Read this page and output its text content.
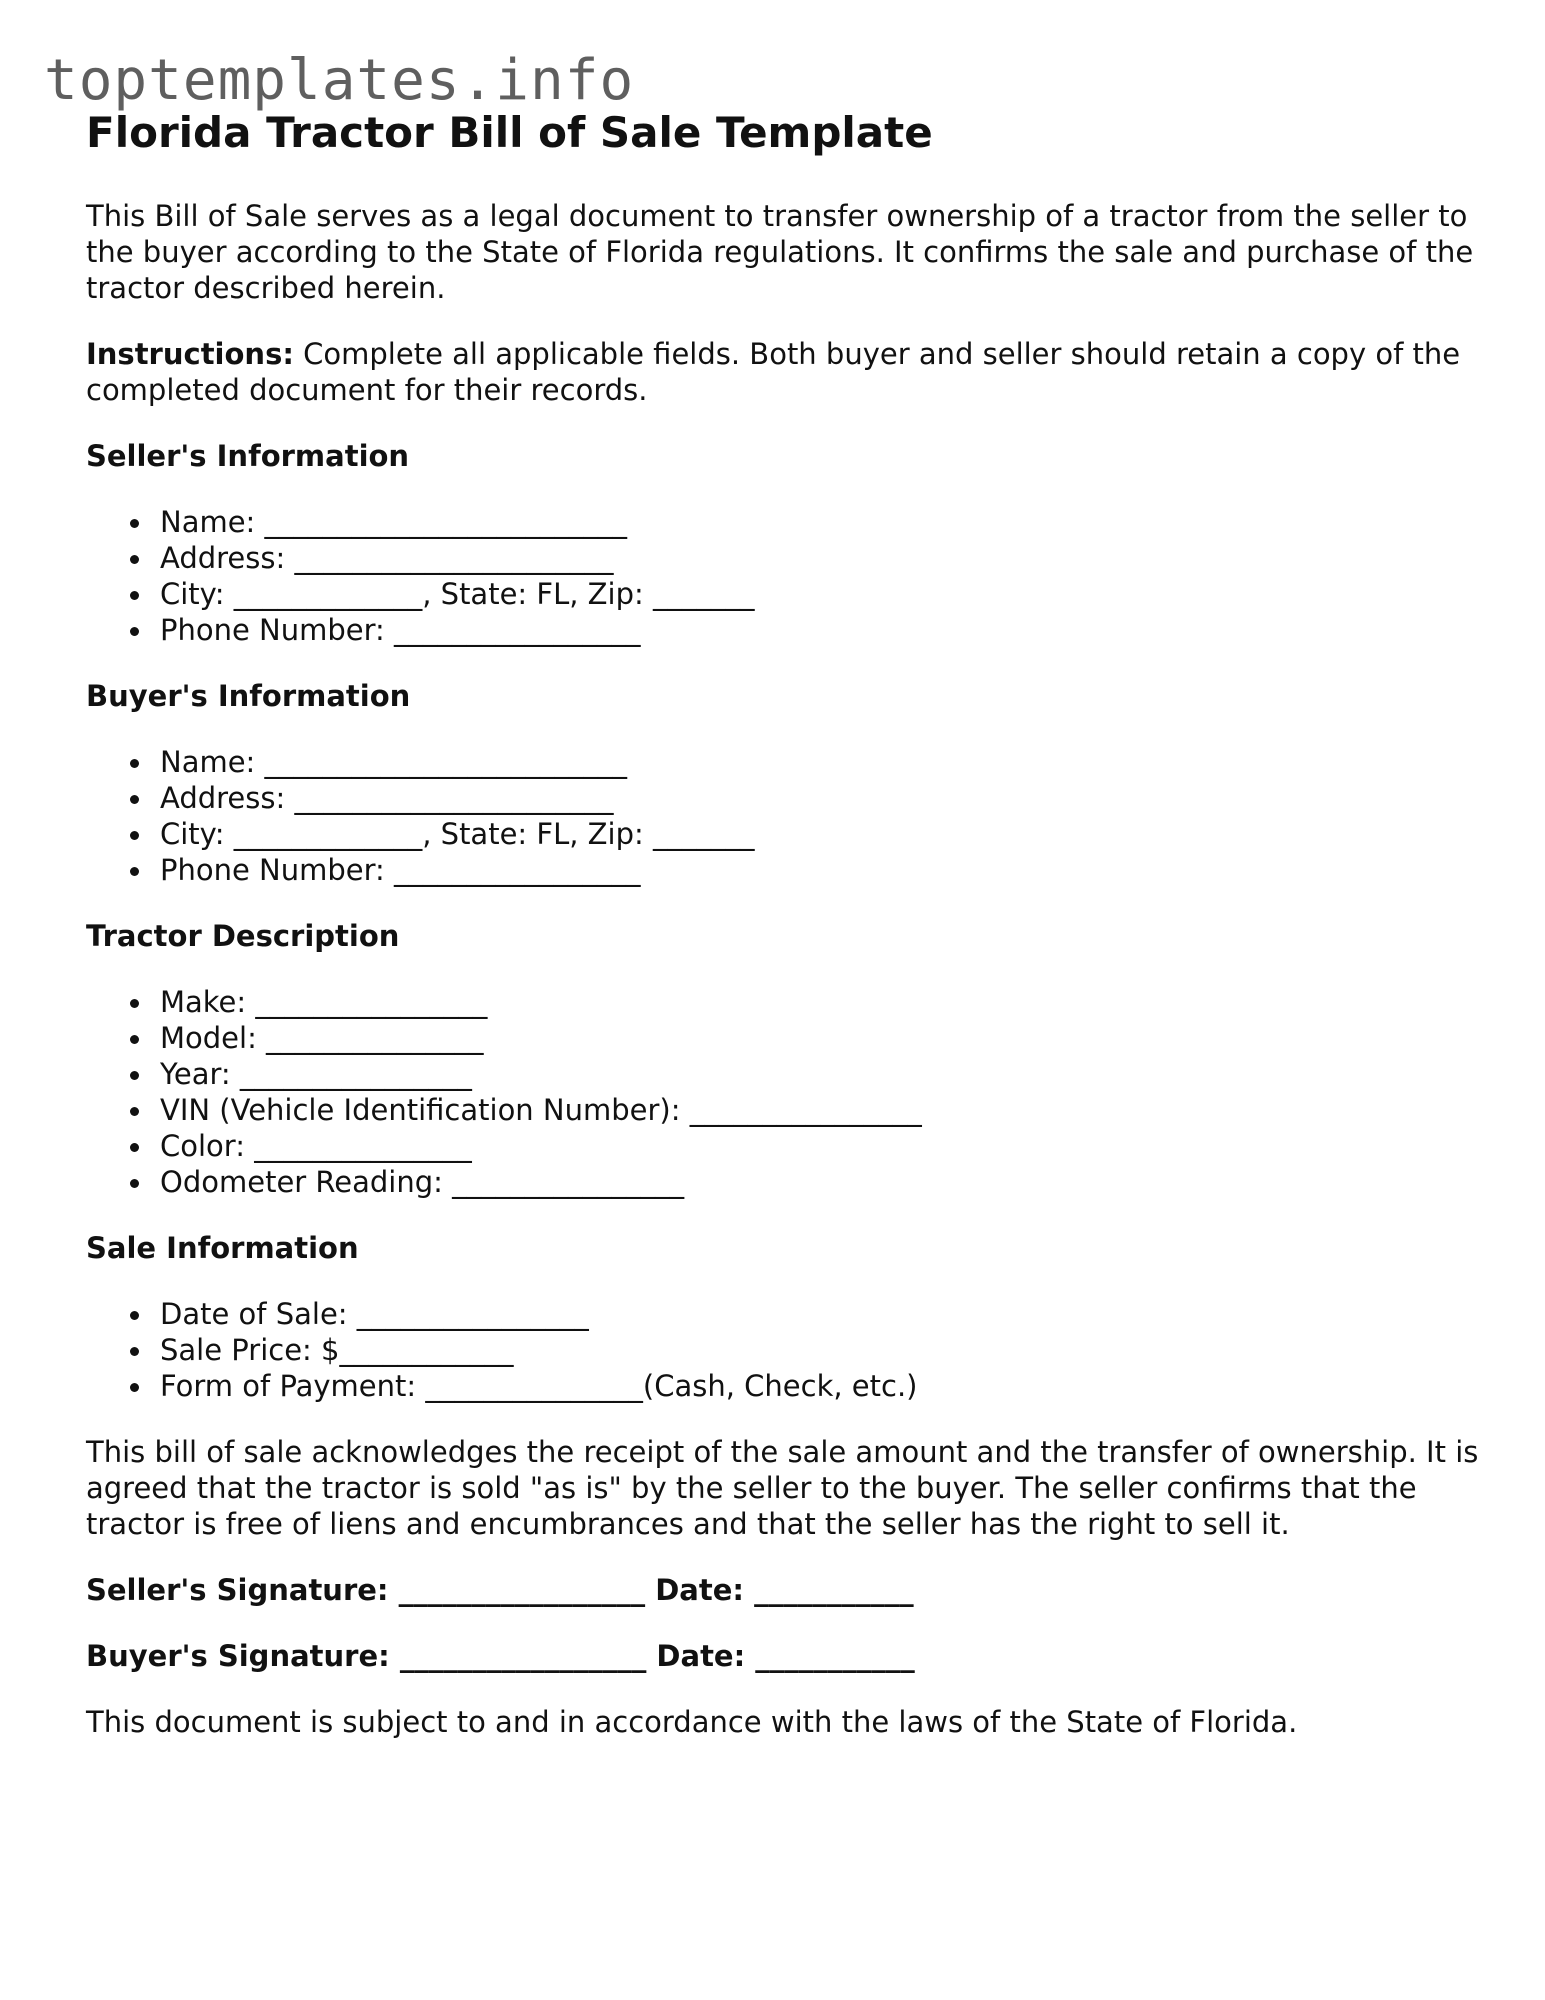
toptemplates.info
Florida Tractor Bill of Sale Template

This Bill of Sale serves as a legal document to transfer ownership of a tractor from the seller to the buyer according to the State of Florida regulations. It confirms the sale and purchase of the tractor described herein.

Instructions: Complete all applicable fields. Both buyer and seller should retain a copy of the completed document for their records.

Seller's Information
Name: _________________________
Address: ______________________
City: _____________, State: FL, Zip: _______
Phone Number: _________________
Buyer's Information
Name: _________________________
Address: ______________________
City: _____________, State: FL, Zip: _______
Phone Number: _________________
Tractor Description
Make: ________________
Model: _______________
Year: ________________
VIN (Vehicle Identification Number): ________________
Color: _______________
Odometer Reading: ________________
Sale Information
Date of Sale: ________________
Sale Price: $____________
Form of Payment: _______________(Cash, Check, etc.)

This bill of sale acknowledges the receipt of the sale amount and the transfer of ownership. It is agreed that the tractor is sold "as is" by the seller to the buyer. The seller confirms that the tractor is free of liens and encumbrances and that the seller has the right to sell it.

Seller's Signature: _________________ Date: ___________

Buyer's Signature: _________________ Date: ___________

This document is subject to and in accordance with the laws of the State of Florida.
